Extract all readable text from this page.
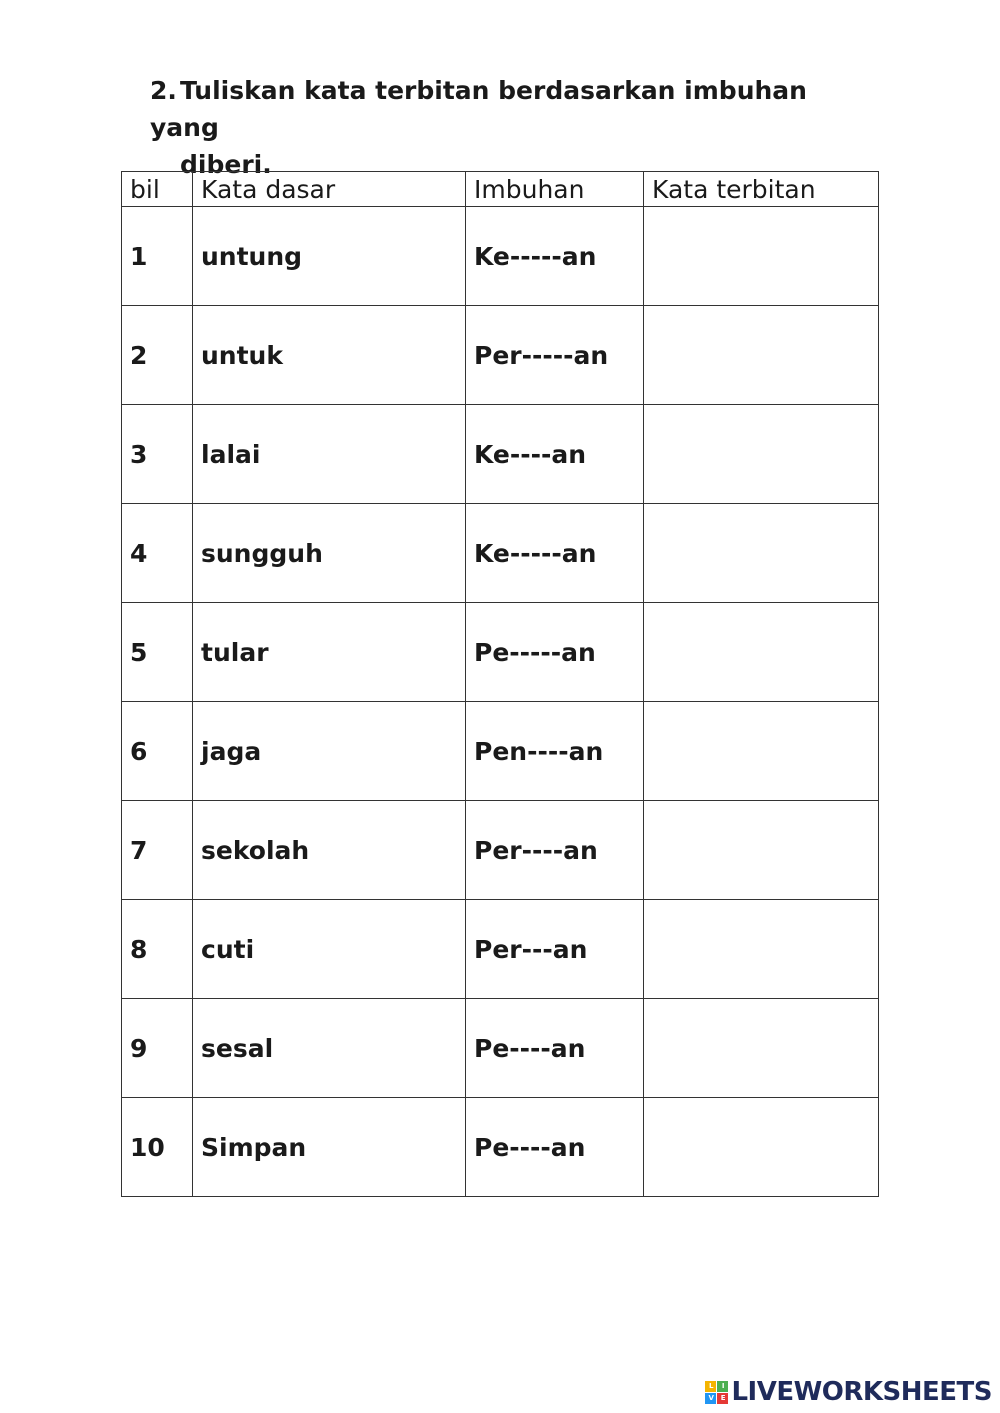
2. Tuliskan kata terbitan berdasarkan imbuhan yang
diberi.
bil	Kata dasar	Imbuhan	Kata terbitan
1	untung	Ke-----an	

2	untuk	Per-----an	

3	lalai	Ke----an	

4	sungguh	Ke-----an	

5	tular	Pe-----an	

6	jaga	Pen----an	

7	sekolah	Per----an	

8	cuti	Per---an	

9	sesal	Pe----an	

10	Simpan	Pe----an	
L	I
V	E LIVEWORKSHEETS
